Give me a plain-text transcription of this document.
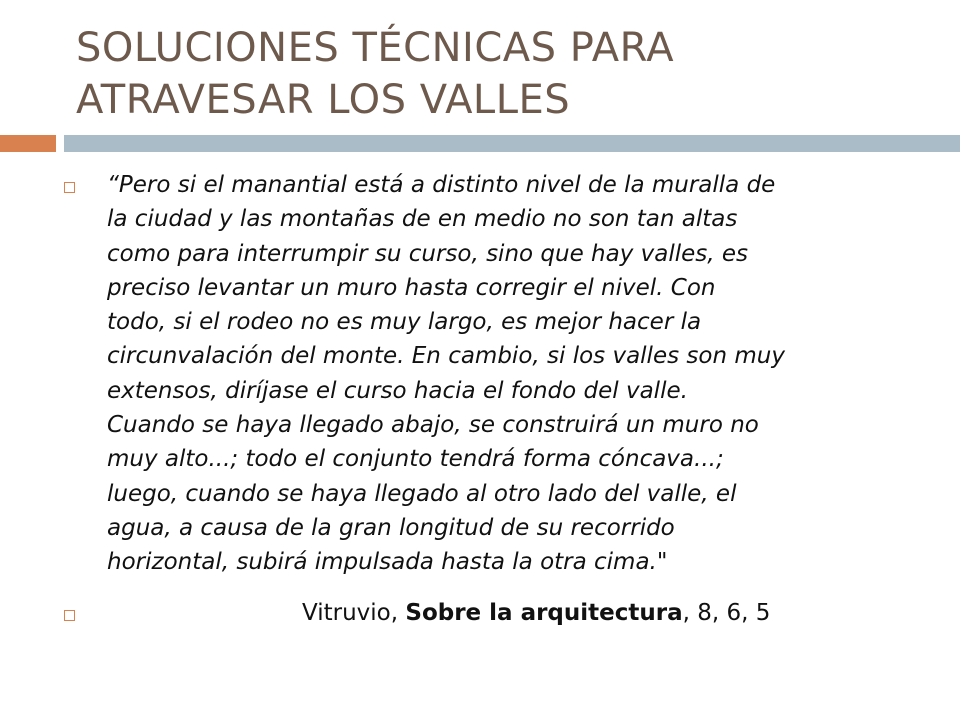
SOLUCIONES TÉCNICAS PARA
ATRAVESAR LOS VALLES
“Pero si el manantial está a distinto nivel de la muralla de
la ciudad y las montañas de en medio no son tan altas
como para interrumpir su curso, sino que hay valles, es
preciso levantar un muro hasta corregir el nivel. Con
todo, si el rodeo no es muy largo, es mejor hacer la
circunvalación del monte. En cambio, si los valles son muy
extensos, diríjase el curso hacia el fondo del valle.
Cuando se haya llegado abajo, se construirá un muro no
muy alto...; todo el conjunto tendrá forma cóncava...;
luego, cuando se haya llegado al otro lado del valle, el
agua, a causa de la gran longitud de su recorrido
horizontal, subirá impulsada hasta la otra cima."
Vitruvio, Sobre la arquitectura, 8, 6, 5
